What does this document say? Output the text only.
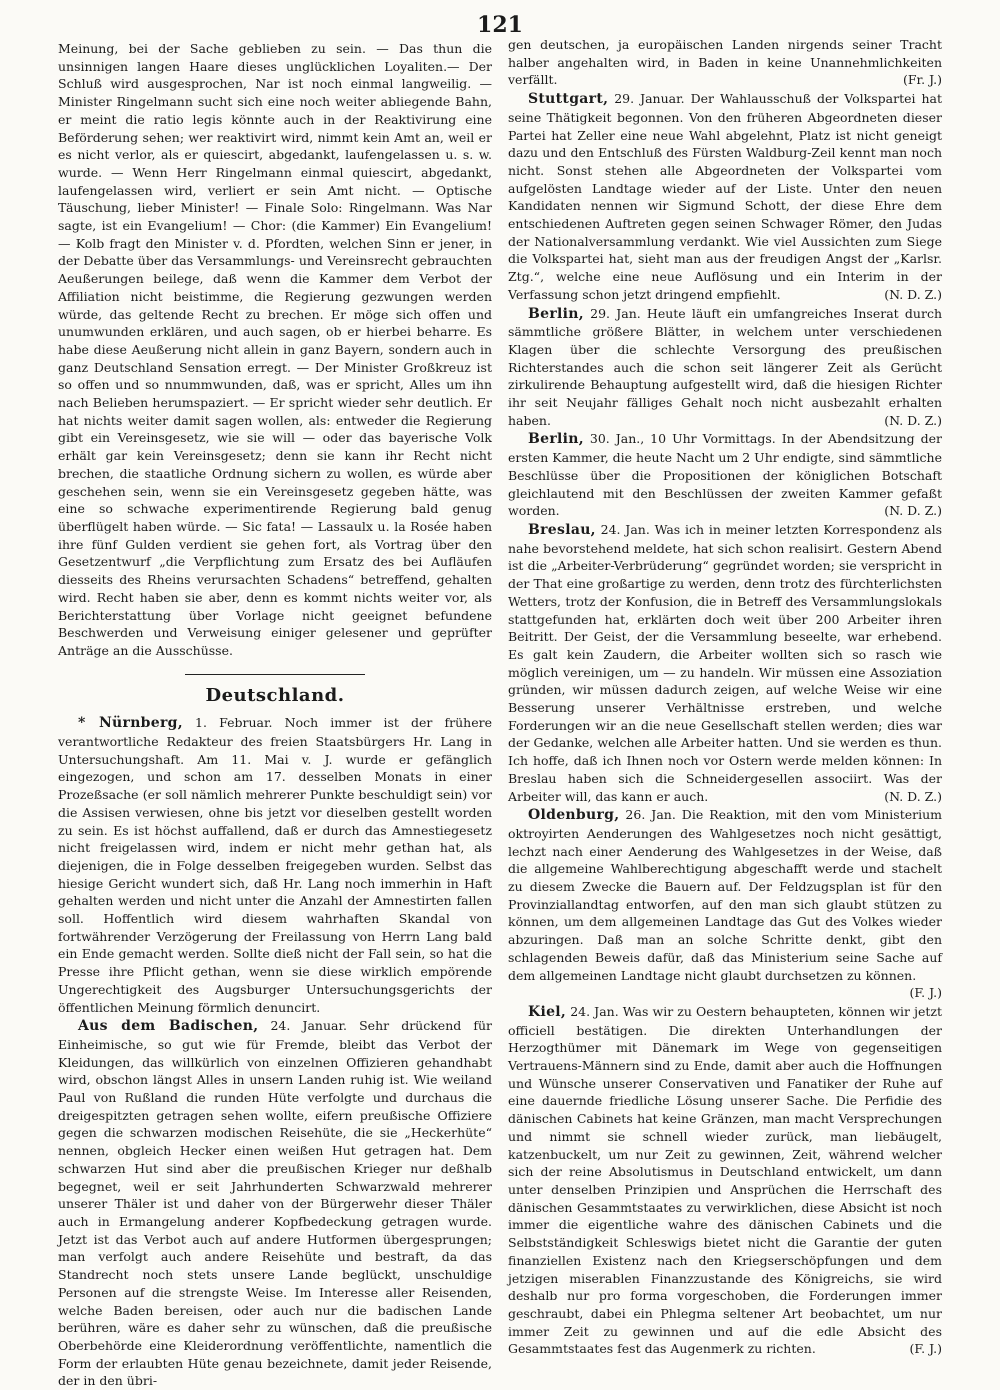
121

Meinung, bei der Sache geblieben zu sein. — Das thun die unsinnigen langen Haare dieses unglücklichen Loyaliten.— Der Schluß wird ausgesprochen, Nar ist noch einmal langweilig. — Minister Ringelmann sucht sich eine noch weiter abliegende Bahn, er meint die ratio legis könnte auch in der Reaktivirung eine Beförderung sehen; wer reaktivirt wird, nimmt kein Amt an, weil er es nicht verlor, als er quiescirt, abgedankt, laufengelassen u. s. w. wurde. — Wenn Herr Ringelmann einmal quiescirt, abgedankt, laufengelassen wird, verliert er sein Amt nicht. — Optische Täuschung, lieber Minister! — Finale Solo: Ringelmann. Was Nar sagte, ist ein Evangelium! — Chor: (die Kammer) Ein Evangelium! — Kolb fragt den Minister v. d. Pfordten, welchen Sinn er jener, in der Debatte über das Versammlungs- und Vereinsrecht gebrauchten Aeußerungen beilege, daß wenn die Kammer dem Verbot der Affiliation nicht beistimme, die Regierung gezwungen werden würde, das geltende Recht zu brechen. Er möge sich offen und unumwunden erklären, und auch sagen, ob er hierbei beharre. Es habe diese Aeußerung nicht allein in ganz Bayern, sondern auch in ganz Deutschland Sensation erregt. — Der Minister Großkreuz ist so offen und so nnummwunden, daß, was er spricht, Alles um ihn nach Belieben herumspaziert. — Er spricht wieder sehr deutlich. Er hat nichts weiter damit sagen wollen, als: entweder die Regierung gibt ein Vereinsgesetz, wie sie will — oder das bayerische Volk erhält gar kein Vereinsgesetz; denn sie kann ihr Recht nicht brechen, die staatliche Ordnung sichern zu wollen, es würde aber geschehen sein, wenn sie ein Vereinsgesetz gegeben hätte, was eine so schwache experimentirende Regierung bald genug überflügelt haben würde. — Sic fata! — Lassaulx u. la Rosée haben ihre fünf Gulden verdient sie gehen fort, als Vortrag über den Gesetzentwurf „die Verpflichtung zum Ersatz des bei Aufläufen diesseits des Rheins verursachten Schadens“ betreffend, gehalten wird. Recht haben sie aber, denn es kommt nichts weiter vor, als Berichterstattung über Vorlage nicht geeignet befundene Beschwerden und Verweisung einiger gelesener und geprüfter Anträge an die Ausschüsse.

Deutschland.

* Nürnberg, 1. Februar. Noch immer ist der frühere verantwortliche Redakteur des freien Staatsbürgers Hr. Lang in Untersuchungshaft. Am 11. Mai v. J. wurde er gefänglich eingezogen, und schon am 17. desselben Monats in einer Prozeßsache (er soll nämlich mehrerer Punkte beschuldigt sein) vor die Assisen verwiesen, ohne bis jetzt vor dieselben gestellt worden zu sein. Es ist höchst auffallend, daß er durch das Amnestiegesetz nicht freigelassen wird, indem er nicht mehr gethan hat, als diejenigen, die in Folge desselben freigegeben wurden. Selbst das hiesige Gericht wundert sich, daß Hr. Lang noch immerhin in Haft gehalten werden und nicht unter die Anzahl der Amnestirten fallen soll. Hoffentlich wird diesem wahrhaften Skandal von fortwährender Verzögerung der Freilassung von Herrn Lang bald ein Ende gemacht werden. Sollte dieß nicht der Fall sein, so hat die Presse ihre Pflicht gethan, wenn sie diese wirklich empörende Ungerechtigkeit des Augsburger Untersuchungsgerichts der öffentlichen Meinung förmlich denuncirt.

Aus dem Badischen, 24. Januar. Sehr drückend für Einheimische, so gut wie für Fremde, bleibt das Verbot der Kleidungen, das willkürlich von einzelnen Offizieren gehandhabt wird, obschon längst Alles in unsern Landen ruhig ist. Wie weiland Paul von Rußland die runden Hüte verfolgte und durchaus die dreigespitzten getragen sehen wollte, eifern preußische Offiziere gegen die schwarzen modischen Reisehüte, die sie „Heckerhüte“ nennen, obgleich Hecker einen weißen Hut getragen hat. Dem schwarzen Hut sind aber die preußischen Krieger nur deßhalb begegnet, weil er seit Jahrhunderten Schwarzwald mehrerer unserer Thäler ist und daher von der Bürgerwehr dieser Thäler auch in Ermangelung anderer Kopfbedeckung getragen wurde. Jetzt ist das Verbot auch auf andere Hutformen übergesprungen; man verfolgt auch andere Reisehüte und bestraft, da das Standrecht noch stets unsere Lande beglückt, unschuldige Personen auf die strengste Weise. Im Interesse aller Reisenden, welche Baden bereisen, oder auch nur die badischen Lande berühren, wäre es daher sehr zu wünschen, daß die preußische Oberbehörde eine Kleiderordnung veröffentlichte, namentlich die Form der erlaubten Hüte genau bezeichnete, damit jeder Reisende, der in den übri-

gen deutschen, ja europäischen Landen nirgends seiner Tracht halber angehalten wird, in Baden in keine Unannehmlichkeiten verfällt.	(Fr. J.)

Stuttgart, 29. Januar. Der Wahlausschuß der Volkspartei hat seine Thätigkeit begonnen. Von den früheren Abgeordneten dieser Partei hat Zeller eine neue Wahl abgelehnt, Platz ist nicht geneigt dazu und den Entschluß des Fürsten Waldburg-Zeil kennt man noch nicht. Sonst stehen alle Abgeordneten der Volkspartei vom aufgelösten Landtage wieder auf der Liste. Unter den neuen Kandidaten nennen wir Sigmund Schott, der diese Ehre dem entschiedenen Auftreten gegen seinen Schwager Römer, den Judas der Nationalversammlung verdankt. Wie viel Aussichten zum Siege die Volkspartei hat, sieht man aus der freudigen Angst der „Karlsr. Ztg.“, welche eine neue Auflösung und ein Interim in der Verfassung schon jetzt dringend empfiehlt.	(N. D. Z.)

Berlin, 29. Jan. Heute läuft ein umfangreiches Inserat durch sämmtliche größere Blätter, in welchem unter verschiedenen Klagen über die schlechte Versorgung des preußischen Richterstandes auch die schon seit längerer Zeit als Gerücht zirkulirende Behauptung aufgestellt wird, daß die hiesigen Richter ihr seit Neujahr fälliges Gehalt noch nicht ausbezahlt erhalten haben.	(N. D. Z.)

Berlin, 30. Jan., 10 Uhr Vormittags. In der Abendsitzung der ersten Kammer, die heute Nacht um 2 Uhr endigte, sind sämmtliche Beschlüsse über die Propositionen der königlichen Botschaft gleichlautend mit den Beschlüssen der zweiten Kammer gefaßt worden.	(N. D. Z.)

Breslau, 24. Jan. Was ich in meiner letzten Korrespondenz als nahe bevorstehend meldete, hat sich schon realisirt. Gestern Abend ist die „Arbeiter-Verbrüderung“ gegründet worden; sie verspricht in der That eine großartige zu werden, denn trotz des fürchterlichsten Wetters, trotz der Konfusion, die in Betreff des Versammlungslokals stattgefunden hat, erklärten doch weit über 200 Arbeiter ihren Beitritt. Der Geist, der die Versammlung beseelte, war erhebend. Es galt kein Zaudern, die Arbeiter wollten sich so rasch wie möglich vereinigen, um — zu handeln. Wir müssen eine Assoziation gründen, wir müssen dadurch zeigen, auf welche Weise wir eine Besserung unserer Verhältnisse erstreben, und welche Forderungen wir an die neue Gesellschaft stellen werden; dies war der Gedanke, welchen alle Arbeiter hatten. Und sie werden es thun. Ich hoffe, daß ich Ihnen noch vor Ostern werde melden können: In Breslau haben sich die Schneidergesellen associirt. Was der Arbeiter will, das kann er auch.	(N. D. Z.)

Oldenburg, 26. Jan. Die Reaktion, mit den vom Ministerium oktroyirten Aenderungen des Wahlgesetzes noch nicht gesättigt, lechzt nach einer Aenderung des Wahlgesetzes in der Weise, daß die allgemeine Wahlberechtigung abgeschafft werde und stachelt zu diesem Zwecke die Bauern auf. Der Feldzugsplan ist für den Provinziallandtag entworfen, auf den man sich glaubt stützen zu können, um dem allgemeinen Landtage das Gut des Volkes wieder abzuringen. Daß man an solche Schritte denkt, gibt den schlagenden Beweis dafür, daß das Ministerium seine Sache auf dem allgemeinen Landtage nicht glaubt durchsetzen zu können.
(F. J.)

Kiel, 24. Jan. Was wir zu Oestern behaupteten, können wir jetzt officiell bestätigen. Die direkten Unterhandlungen der Herzogthümer mit Dänemark im Wege von gegenseitigen Vertrauens-Männern sind zu Ende, damit aber auch die Hoffnungen und Wünsche unserer Conservativen und Fanatiker der Ruhe auf eine dauernde friedliche Lösung unserer Sache. Die Perfidie des dänischen Cabinets hat keine Gränzen, man macht Versprechungen und nimmt sie schnell wieder zurück, man liebäugelt, katzenbuckelt, um nur Zeit zu gewinnen, Zeit, während welcher sich der reine Absolutismus in Deutschland entwickelt, um dann unter denselben Prinzipien und Ansprüchen die Herrschaft des dänischen Gesammtstaates zu verwirklichen, diese Absicht ist noch immer die eigentliche wahre des dänischen Cabinets und die Selbstständigkeit Schleswigs bietet nicht die Garantie der guten finanziellen Existenz nach den Kriegserschöpfungen und dem jetzigen miserablen Finanzzustande des Königreichs, sie wird deshalb nur pro forma vorgeschoben, die Forderungen immer geschraubt, dabei ein Phlegma seltener Art beobachtet, um nur immer Zeit zu gewinnen und auf die edle Absicht des Gesammtstaates fest das Augenmerk zu richten.	(F. J.)
